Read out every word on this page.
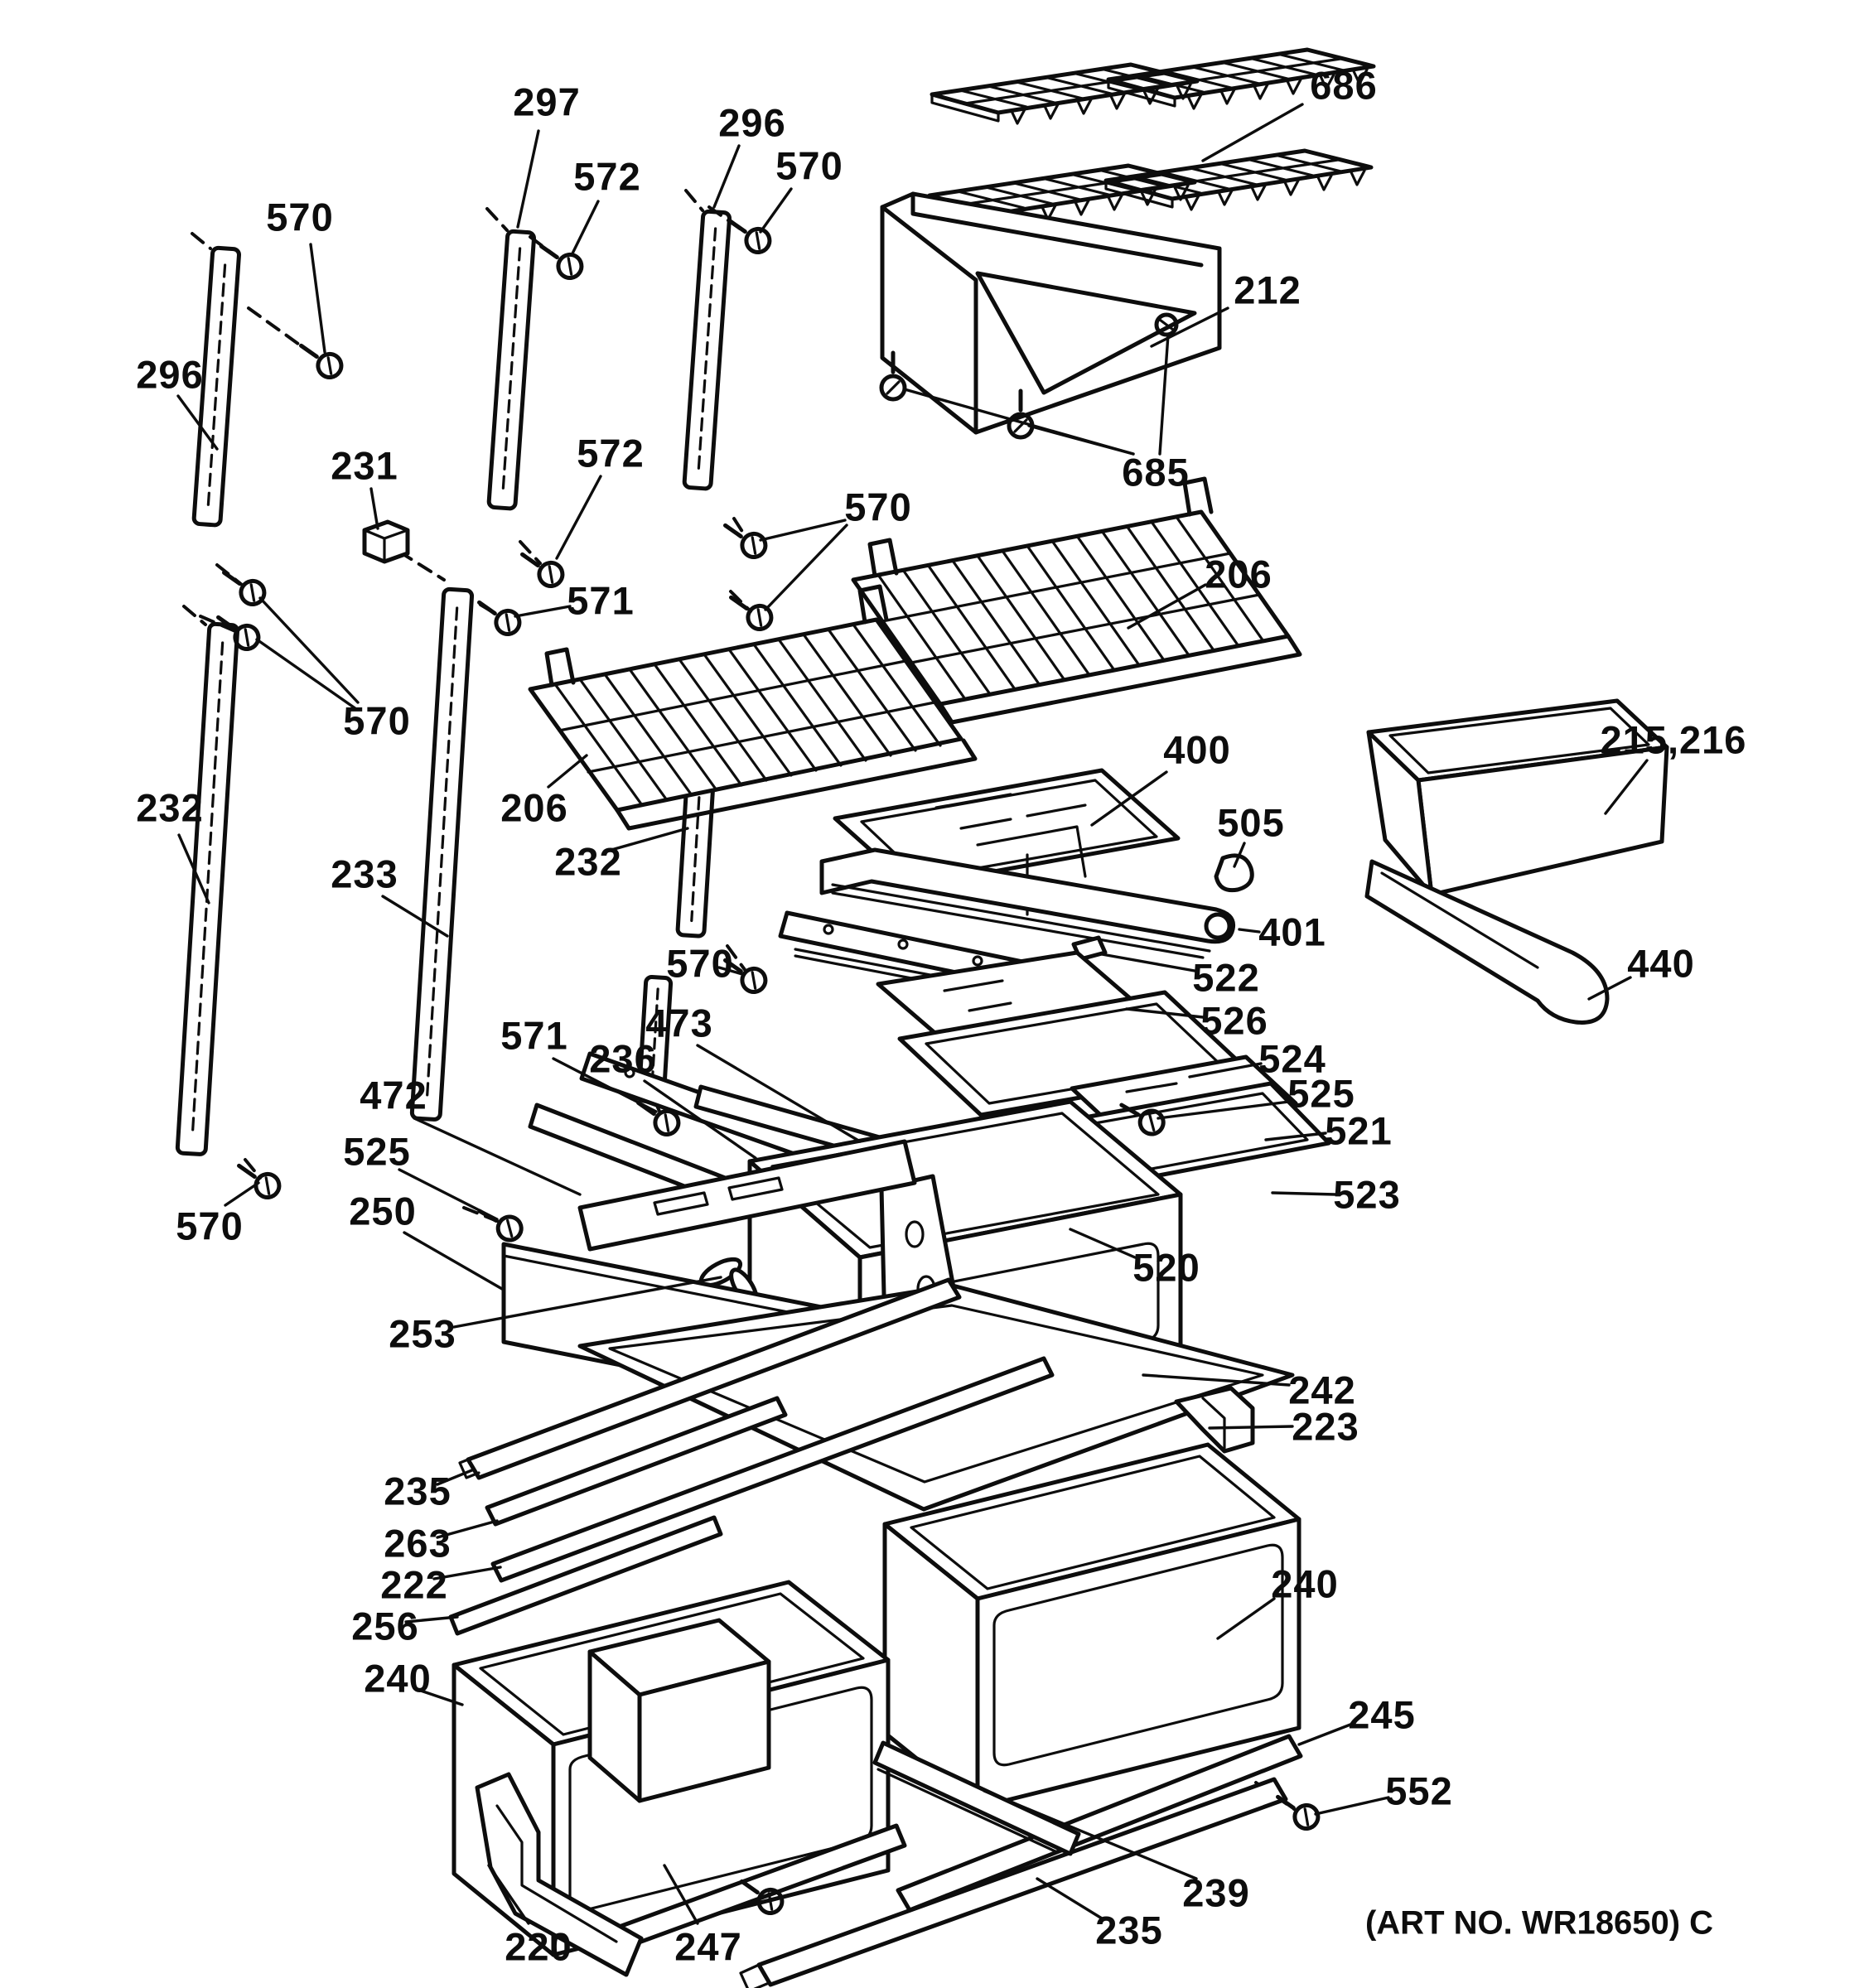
570
297
572
296
570
686
212
685
296
231	572
570
571
206
570
232	206
232
233
570
400
505
215,216
401
440
522
526
524
525
521
523
520
473
236
571
472
525
250
253
570
242
223
235
263
222
256
240
240
245
552
239
235
220	247
(ART NO. WR18650) C
